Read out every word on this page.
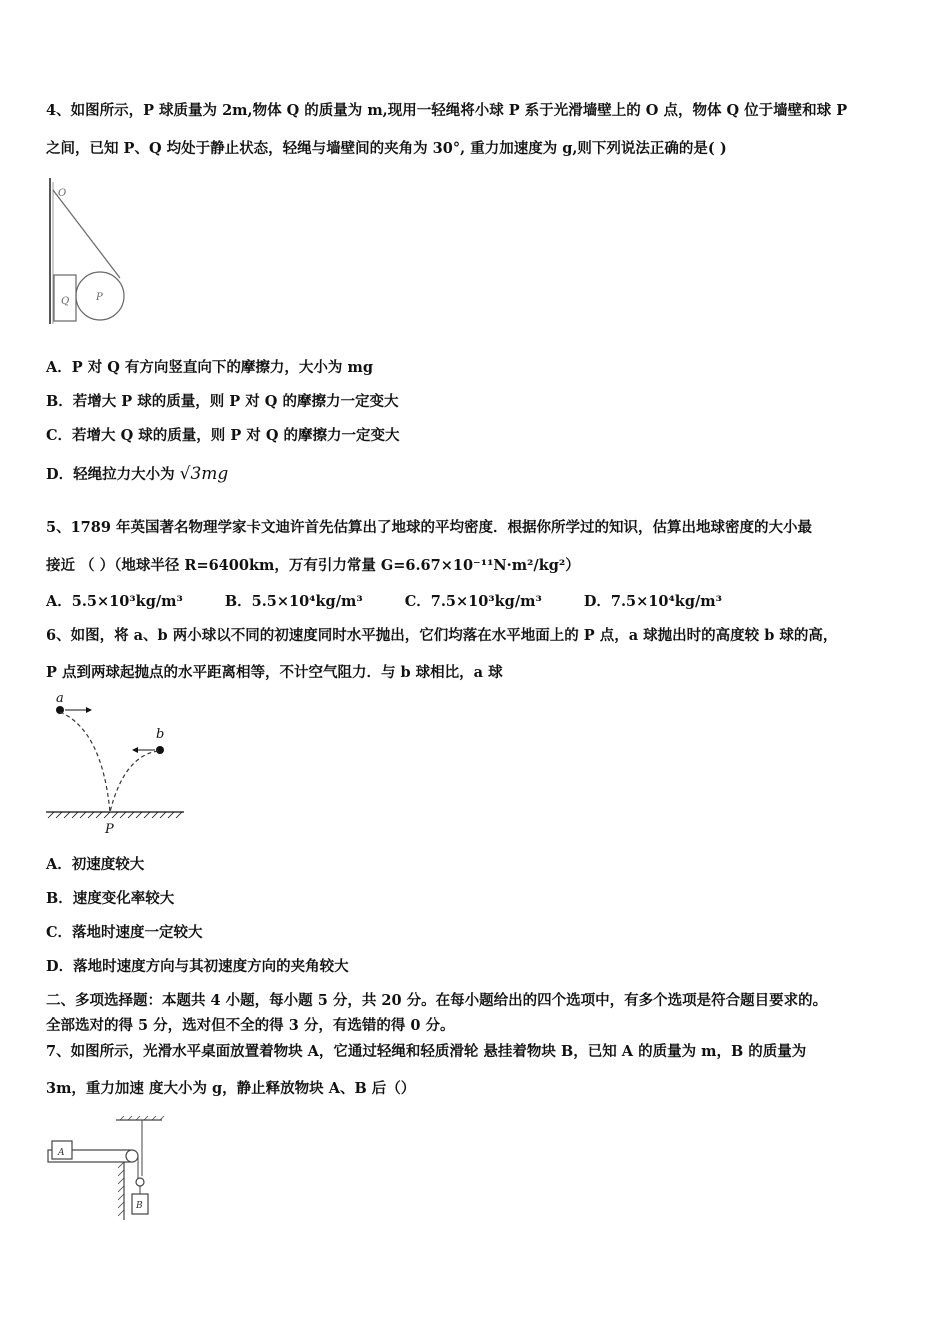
4、如图所示，P 球质量为 2m,物体 Q 的质量为 m,现用一轻绳将小球 P 系于光滑墙壁上的 O 点，物体 Q 位于墙壁和球 P
之间，已知 P、Q 均处于静止状态，轻绳与墙壁间的夹角为 30°, 重力加速度为 g,则下列说法正确的是( )
O
Q	P
A．P 对 Q 有方向竖直向下的摩擦力，大小为 mg
B．若增大 P 球的质量，则 P 对 Q 的摩擦力一定变大
C．若增大 Q 球的质量，则 P 对 Q 的摩擦力一定变大
D．轻绳拉力大小为 √3mg
5、1789 年英国著名物理学家卡文迪许首先估算出了地球的平均密度．根据你所学过的知识，估算出地球密度的大小最
接近 （ ）（地球半径 R=6400km，万有引力常量 G=6.67×10⁻¹¹N·m²/kg²）
A．5.5×10³kg/m³	B．5.5×10⁴kg/m³	C．7.5×10³kg/m³	D．7.5×10⁴kg/m³
6、如图，将 a、b 两小球以不同的初速度同时水平抛出，它们均落在水平地面上的 P 点，a 球抛出时的高度较 b 球的高，
P 点到两球起抛点的水平距离相等，不计空气阻力．与 b 球相比，a 球
a
b
P
A．初速度较大
B．速度变化率较大
C．落地时速度一定较大
D．落地时速度方向与其初速度方向的夹角较大
二、多项选择题：本题共 4 小题，每小题 5 分，共 20 分。在每小题给出的四个选项中，有多个选项是符合题目要求的。
全部选对的得 5 分，选对但不全的得 3 分，有选错的得 0 分。
7、如图所示，光滑水平桌面放置着物块 A，它通过轻绳和轻质滑轮 悬挂着物块 B，已知 A 的质量为 m，B 的质量为
3m，重力加速 度大小为 g，静止释放物块 A、B 后（）
A
B
